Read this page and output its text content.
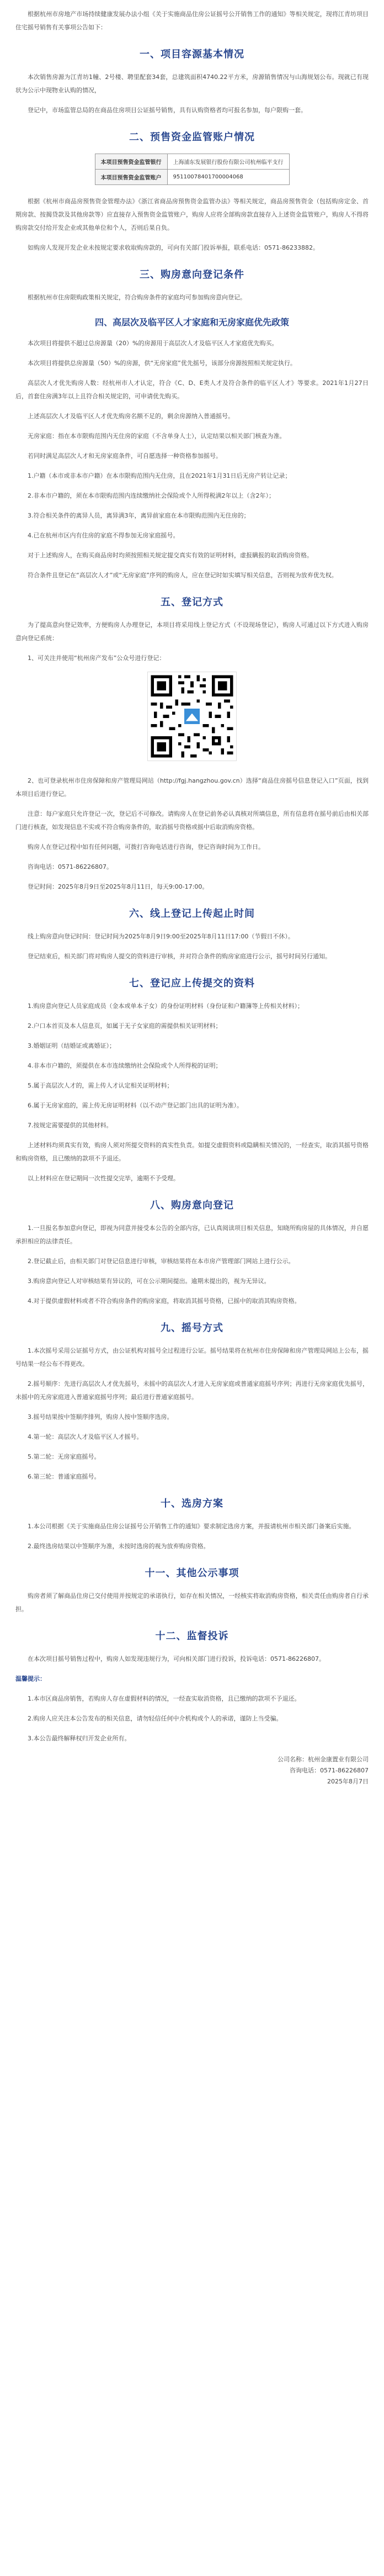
根据杭州市房地产市场持续健康发展办法小组《关于实施商品住房公证摇号公开销售工作的通知》等相关规定，现将江青坊项目住宅摇号销售有关事项公告如下：

一、项目容源基本情况

本次销售房源为江青坊1幢、2号楼、聘里配套34套，总建筑面积4740.22平方米，房源销售情况与山海规划公布。现就已有现状为公示中现物业认购的情况，

登记中，市场监管总局的在商品住房项目公证摇号销售，具有认购资格者均可报名参加，每户限购一套。

二、预售资金监管账户情况
本项目预售资金监管银行	上海浦东发展银行股份有限公司杭州临平支行
本项目预售资金监管账户	95110078401700004068

根据《杭州市商品房预售资金管理办法》《浙江省商品房预售资金监管办法》等相关规定，商品房预售资金（包括购房定金、首期房款、按揭贷款及其他房款等）应直接存入预售资金监管账户，购房人应将全部购房款直接存入上述资金监管账户，购房人不得将购房款交付给开发企业或其他单位和个人，否则后果自负。

如购房人发现开发企业未按规定要求收取购房款的，可向有关部门投诉举报，联系电话：0571-86233882。

三、购房意向登记条件

根据杭州市住房限购政策相关规定，符合购房条件的家庭均可参加购房意向登记。

四、高层次及临平区人才家庭和无房家庭优先政策

本次项目将提供不超过总房源量（20）%的房源用于高层次人才及临平区人才家庭优先购买。

本次项目将提供总房源量（50）%的房源，供“无房家庭”优先摇号，该部分房源按照相关规定执行。

高层次人才优先购房人数：经杭州市人才认定，符合《C、D、E类人才及符合条件的临平区人才》等要求。2021年1月27日后，首套住房满3年以上且符合相关规定的，可申请优先购买。

上述高层次人才及临平区人才优先购房名额不足的，剩余房源纳入普通摇号。

无房家庭：指在本市限购范围内无住房的家庭（不含单身人士），认定结果以相关部门核查为准。

若同时满足高层次人才和无房家庭条件，可自愿选择一种资格参加摇号。

1.户籍（本市或非本市户籍）在本市限购范围内无住房，且在2021年1月31日后无房产转让记录；

2.非本市户籍的，须在本市限购范围内连续缴纳社会保险或个人所得税满2年以上（含2年）；

3.符合相关条件的离异人员，离异满3年，离异前家庭在本市限购范围内无住房的；

4.已在杭州市区内有住房的家庭不得参加无房家庭摇号。

对于上述购房人，在购买商品房时均须按照相关规定提交真实有效的证明材料，虚报瞒报的取消购房资格。

符合条件且登记在“高层次人才”或“无房家庭”序列的购房人，应在登记时如实填写相关信息，否则视为放弃优先权。

五、登记方式

为了提高意向登记效率，方便购房人办理登记，本项目将采用线上登记方式（不设现场登记），购房人可通过以下方式进入购房意向登记系统：

1、可关注并使用“杭州房产发布”公众号进行登记：

2、也可登录杭州市住房保障和房产管理局网站（http://fgj.hangzhou.gov.cn）选择“商品住房摇号信息登记入口”页面，找到本项目后进行登记。

注意：每户家庭只允许登记一次，登记后不可修改。请购房人在登记前务必认真核对所填信息，所有信息将在摇号前后由相关部门进行核查，如发现信息不实或不符合购房条件的，取消摇号资格或摇中后取消购房资格。

购房人在登记过程中如有任何问题，可拨打咨询电话进行咨询，登记咨询时间为工作日。

咨询电话：0571-86226807。

登记时间：2025年8月9日至2025年8月11日，每天9:00-17:00。

六、线上登记上传起止时间

线上购房意向登记时间：登记时间为2025年8月9日9:00至2025年8月11日17:00（节假日不休）。

登记结束后，相关部门将对购房人提交的资料进行审核，并对符合条件的购房家庭进行公示，摇号时间另行通知。

七、登记应上传提交的资料

1.购房意向登记人员家庭成员（金本或单本子女）的身份证明材料（身份证和户籍簿等上传相关材料）；

2.户口本首页及本人信息页，如属于无子女家庭的需提供相关证明材料；

3.婚姻证明（结婚证或离婚证）；

4.非本市户籍的，须提供在本市连续缴纳社会保险或个人所得税的证明；

5.属于高层次人才的，需上传人才认定相关证明材料；

6.属于无房家庭的，需上传无房证明材料（以不动产登记部门出具的证明为准）。

7.按规定需要提供的其他材料。

上述材料均须真实有效，购房人须对所提交资料的真实性负责。如提交虚假资料或隐瞒相关情况的，一经查实，取消其摇号资格和购房资格，且已缴纳的款项不予退还。

以上材料应在登记期间一次性提交完毕，逾期不予受理。

八、购房意向登记

1.一旦报名参加意向登记，即视为同意并接受本公告的全部内容，已认真阅读项目相关信息，知晓所购房屋的具体情况，并自愿承担相应的法律责任。

2.登记截止后，由相关部门对登记信息进行审核，审核结果将在本市房产管理部门网站上进行公示。

3.购房意向登记人对审核结果有异议的，可在公示期间提出。逾期未提出的，视为无异议。

4.对于提供虚假材料或者不符合购房条件的购房家庭，将取消其摇号资格，已摇中的取消其购房资格。

九、摇号方式

1.本次摇号采用公证摇号方式，由公证机构对摇号全过程进行公证。摇号结果将在杭州市住房保障和房产管理局网站上公布，摇号结果一经公布不得更改。

2.摇号顺序：先进行高层次人才优先摇号，未摇中的高层次人才进入无房家庭或普通家庭摇号序列；再进行无房家庭优先摇号，未摇中的无房家庭进入普通家庭摇号序列；最后进行普通家庭摇号。

3.摇号结果按中签顺序排列，购房人按中签顺序选房。

4.第一轮：高层次人才及临平区人才摇号。

5.第二轮：无房家庭摇号。

6.第三轮：普通家庭摇号。

十、选房方案

1.本公司根据《关于实施商品住房公证摇号公开销售工作的通知》要求制定选房方案，并报请杭州市相关部门备案后实施。

2.最终选房结果以中签顺序为准，未按时选房的视为放弃购房资格。

十一、其他公示事项

购房者须了解商品住房已交付使用并按规定的承诺执行，如存在相关情况，一经核实将取消购房资格，相关责任由购房者自行承担。

十二、监督投诉

在本次项目摇号销售过程中，购房人如发现违规行为，可向相关部门进行投诉，投诉电话：0571-86226807。

温馨提示：

1.本市区商品房销售，若购房人存在虚假材料的情况，一经查实取消资格，且已缴纳的款项不予退还。

2.购房人应关注本公告发布的相关信息，请勿轻信任何中介机构或个人的承诺，谨防上当受骗。

3.本公告最终解释权归开发企业所有。

公司名称：杭州金康置业有限公司

咨询电话：0571-86226807

2025年8月7日
